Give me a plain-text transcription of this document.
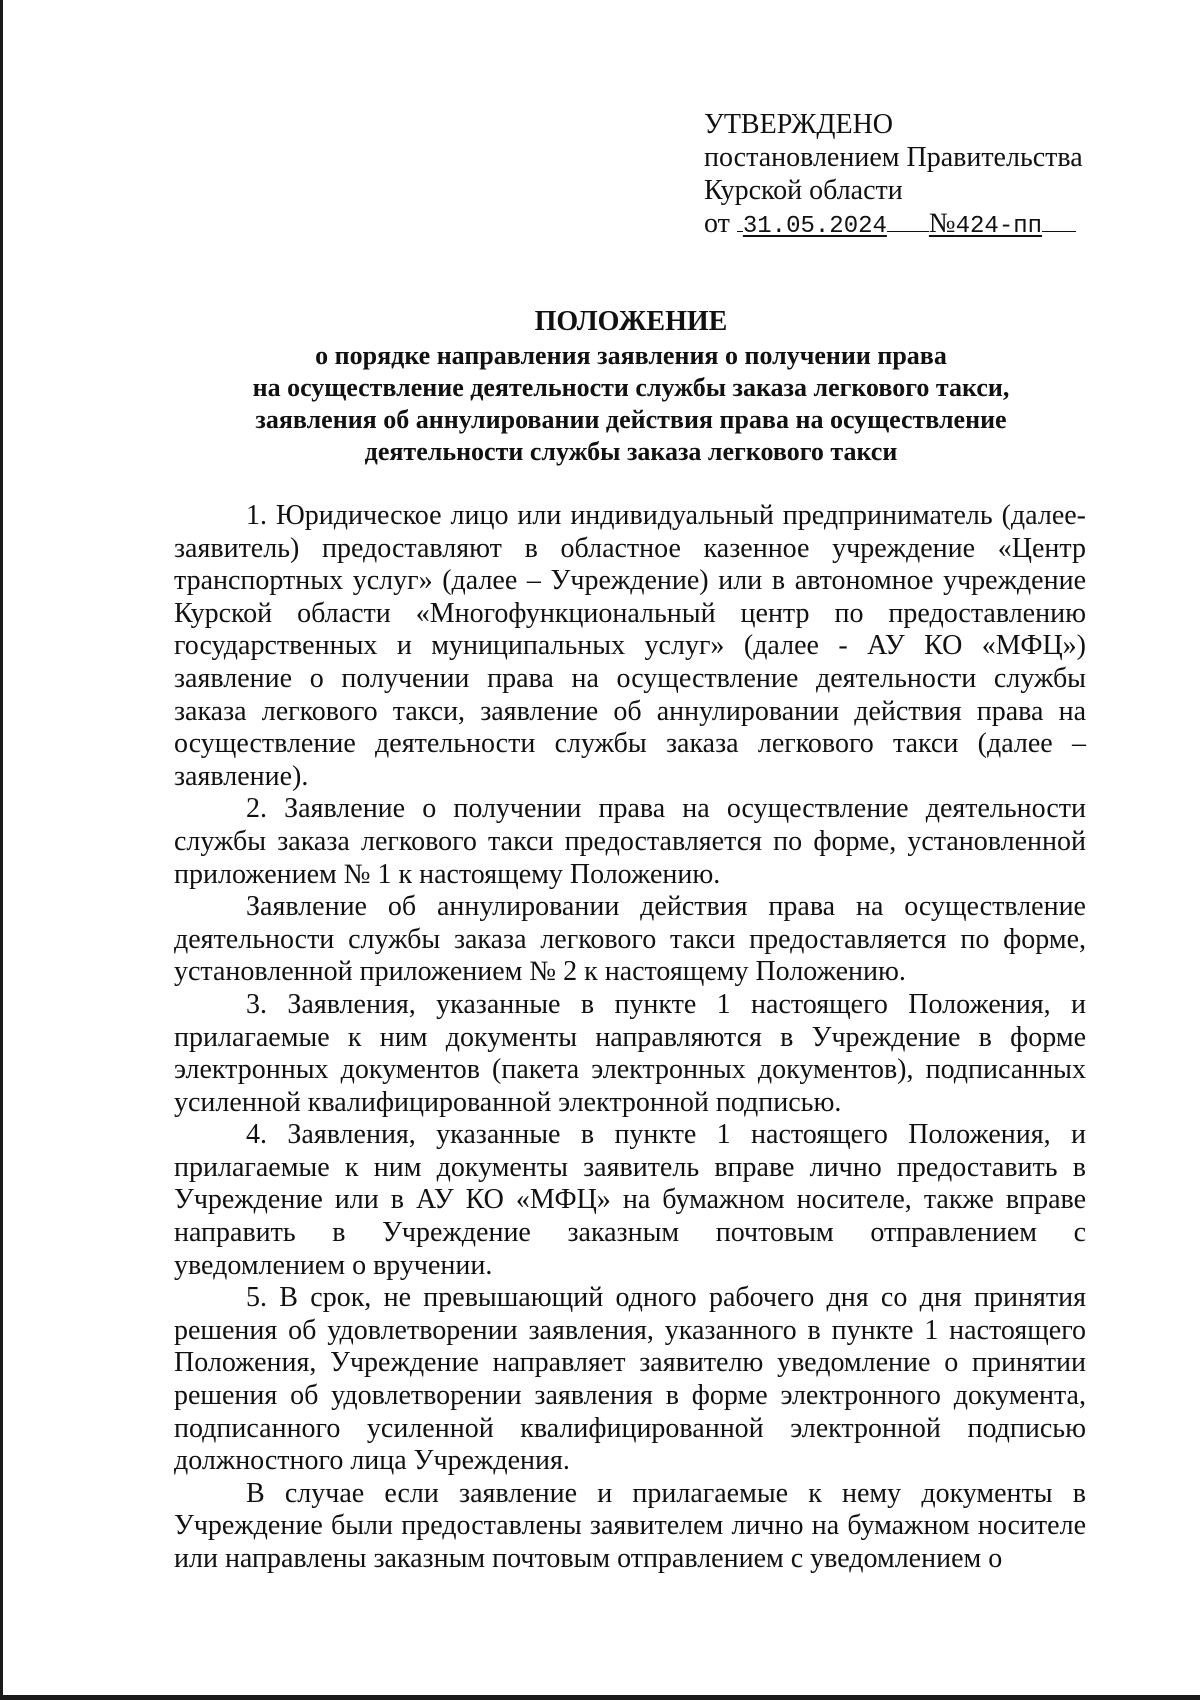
УТВЕРЖДЕНО
постановлением Правительства
Курской области
от 31.05.2024 №424-пп
ПОЛОЖЕНИЕ
о порядке направления заявления о получении права
на осуществление деятельности службы заказа легкового такси,
заявления об аннулировании действия права на осуществление
деятельности службы заказа легкового такси

1. Юридическое лицо или индивидуальный предприниматель (далее- заявитель) предоставляют в областное казенное учреждение «Центр транспортных услуг» (далее – Учреждение) или в автономное учреждение Курской области «Многофункциональный центр по предоставлению государственных и муниципальных услуг» (далее - АУ КО «МФЦ») заявление о получении права на осуществление деятельности службы заказа легкового такси, заявление об аннулировании действия права на осуществление деятельности службы заказа легкового такси (далее – заявление).

2. Заявление о получении права на осуществление деятельности службы заказа легкового такси предоставляется по форме, установленной приложением № 1 к настоящему Положению.

Заявление об аннулировании действия права на осуществление деятельности службы заказа легкового такси предоставляется по форме, установленной приложением № 2 к настоящему Положению.

3. Заявления, указанные в пункте 1 настоящего Положения, и прилагаемые к ним документы направляются в Учреждение в форме электронных документов (пакета электронных документов), подписанных усиленной квалифицированной электронной подписью.

4. Заявления, указанные в пункте 1 настоящего Положения, и прилагаемые к ним документы заявитель вправе лично предоставить в Учреждение или в АУ КО «МФЦ» на бумажном носителе, также вправе направить в Учреждение заказным почтовым отправлением с уведомлением о вручении.

5. В срок, не превышающий одного рабочего дня со дня принятия решения об удовлетворении заявления, указанного в пункте 1 настоящего Положения, Учреждение направляет заявителю уведомление о принятии решения об удовлетворении заявления в форме электронного документа, подписанного усиленной квалифицированной электронной подписью должностного лица Учреждения.

В случае если заявление и прилагаемые к нему документы в Учреждение были предоставлены заявителем лично на бумажном носителе или направлены заказным почтовым отправлением с уведомлением о
